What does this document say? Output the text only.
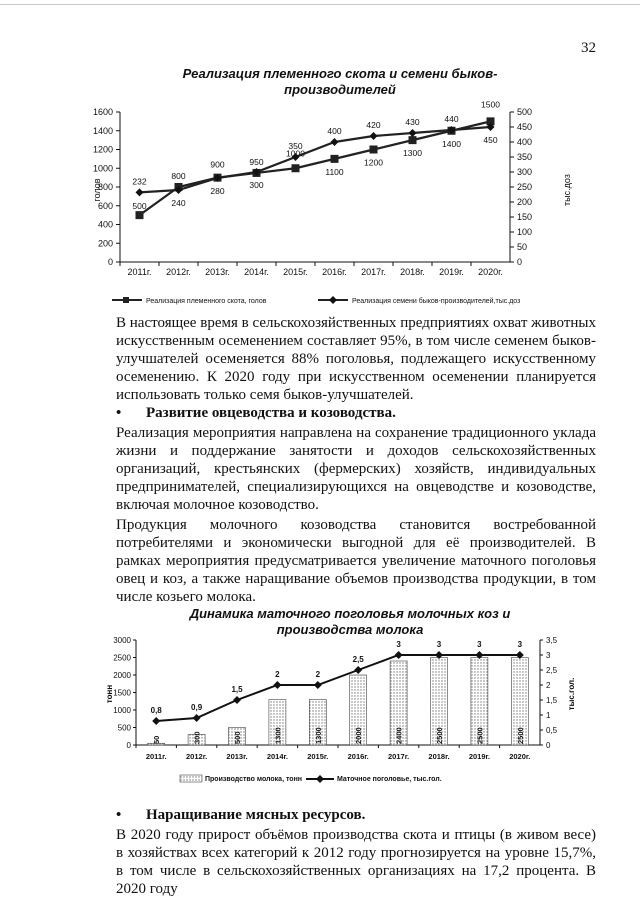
32
Реализация племенного скота и семени быков-производителей
голов	тыс.доз
0
200
400
600
800
1000
1200
1400
1600
0
50
100
150
200
250
300
350
400
450
500
2011г. 2012г. 2013г. 2014г. 2015г. 2016г. 2017г. 2018г. 2019г. 2020г.
500
800
900	950
1000
1100
1200
1300
1400
1500
232
240
280
300
350
400
420	430	440
450
Реализация племенного скота, голов	Реализация семени быков-производителей,тыс.доз

В настоящее время в сельскохозяйственных предприятиях охват животных искусственным осеменением составляет 95%, в том числе семенем быков-улучшателей осеменяется 88% поголовья, подлежащего искусственному осеменению. К 2020 году при искусственном осеменении планируется использовать только семя быков-улучшателей.

• Развитие овцеводства и козоводства.

Реализация мероприятия направлена на сохранение традиционного уклада жизни и поддержание занятости и доходов сельскохозяйственных организаций, крестьянских (фермерских) хозяйств, индивидуальных предпринимателей, специализирующихся на овцеводстве и козоводстве, включая молочное козоводство.

Продукция молочного козоводства становится востребованной потребителями и экономически выгодной для её производителей. В рамках мероприятия предусматривается увеличение маточного поголовья овец и коз, а также наращивание объемов производства продукции, в том числе козьего молока.

Динамика маточного поголовья молочных коз и производства молока
тонн	тыс.гол.
0
500
1000
1500
2000
2500
3000
0
0,5
1
1,5
2
2,5
3
3,5
2011г.	2012г.	2013г.	2014г.	2015г.	2016г.	2017г.	2018г.	2019г.	2020г.
50	300	500	1300	1300	2000	2400	2500	2500	2500
0,8	0,9
1,5
2	2
2,5
3	3	3	3
Производство молока, тонн	Маточное поголовье, тыс.гол.
• Наращивание мясных ресурсов.

В 2020 году прирост объёмов производства скота и птицы (в живом весе) в хозяйствах всех категорий к 2012 году прогнозируется на уровне 15,7%, в том числе в сельскохозяйственных организациях на 17,2 процента. В 2020 году
